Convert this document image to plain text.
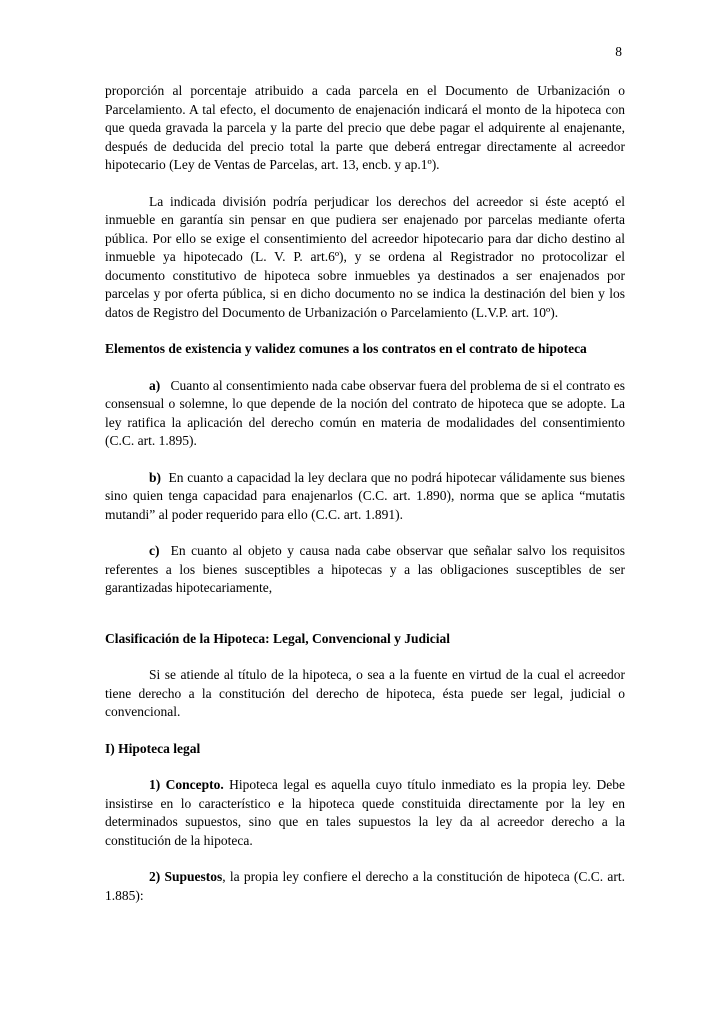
8

proporción al porcentaje atribuido a cada parcela en el Documento de Urbanización o Parcelamiento. A tal efecto, el documento de enajenación indicará el monto de la hipoteca con que queda gravada la parcela y la parte del precio que debe pagar el adquirente al enajenante, después de deducida del precio total la parte que deberá entregar directamente al acreedor hipotecario (Ley de Ventas de Parcelas, art. 13, encb. y ap.1º).

La indicada división podría perjudicar los derechos del acreedor si éste aceptó el inmueble en garantía sin pensar en que pudiera ser enajenado por parcelas mediante oferta pública. Por ello se exige el consentimiento del acreedor hipotecario para dar dicho destino al inmueble ya hipotecado (L. V. P. art.6º), y se ordena al Registrador no protocolizar el documento constitutivo de hipoteca sobre inmuebles ya destinados a ser enajenados por parcelas y por oferta pública, si en dicho documento no se indica la destinación del bien y los datos de Registro del Documento de Urbanización o Parcelamiento (L.V.P. art. 10º).

Elementos de existencia y validez comunes a los contratos en el contrato de hipoteca

a) Cuanto al consentimiento nada cabe observar fuera del problema de si el contrato es consensual o solemne, lo que depende de la noción del contrato de hipoteca que se adopte. La ley ratifica la aplicación del derecho común en materia de modalidades del consentimiento (C.C. art. 1.895).

b) En cuanto a capacidad la ley declara que no podrá hipotecar válidamente sus bienes sino quien tenga capacidad para enajenarlos (C.C. art. 1.890), norma que se aplica “mutatis mutandi” al poder requerido para ello (C.C. art. 1.891).

c) En cuanto al objeto y causa nada cabe observar que señalar salvo los requisitos referentes a los bienes susceptibles a hipotecas y a las obligaciones susceptibles de ser garantizadas hipotecariamente,

Clasificación de la Hipoteca: Legal, Convencional y Judicial

Si se atiende al título de la hipoteca, o sea a la fuente en virtud de la cual el acreedor tiene derecho a la constitución del derecho de hipoteca, ésta puede ser legal, judicial o convencional.

I) Hipoteca legal

1) Concepto. Hipoteca legal es aquella cuyo título inmediato es la propia ley. Debe insistirse en lo característico e la hipoteca quede constituida directamente por la ley en determinados supuestos, sino que en tales supuestos la ley da al acreedor derecho a la constitución de la hipoteca.

2) Supuestos, la propia ley confiere el derecho a la constitución de hipoteca (C.C. art. 1.885):
